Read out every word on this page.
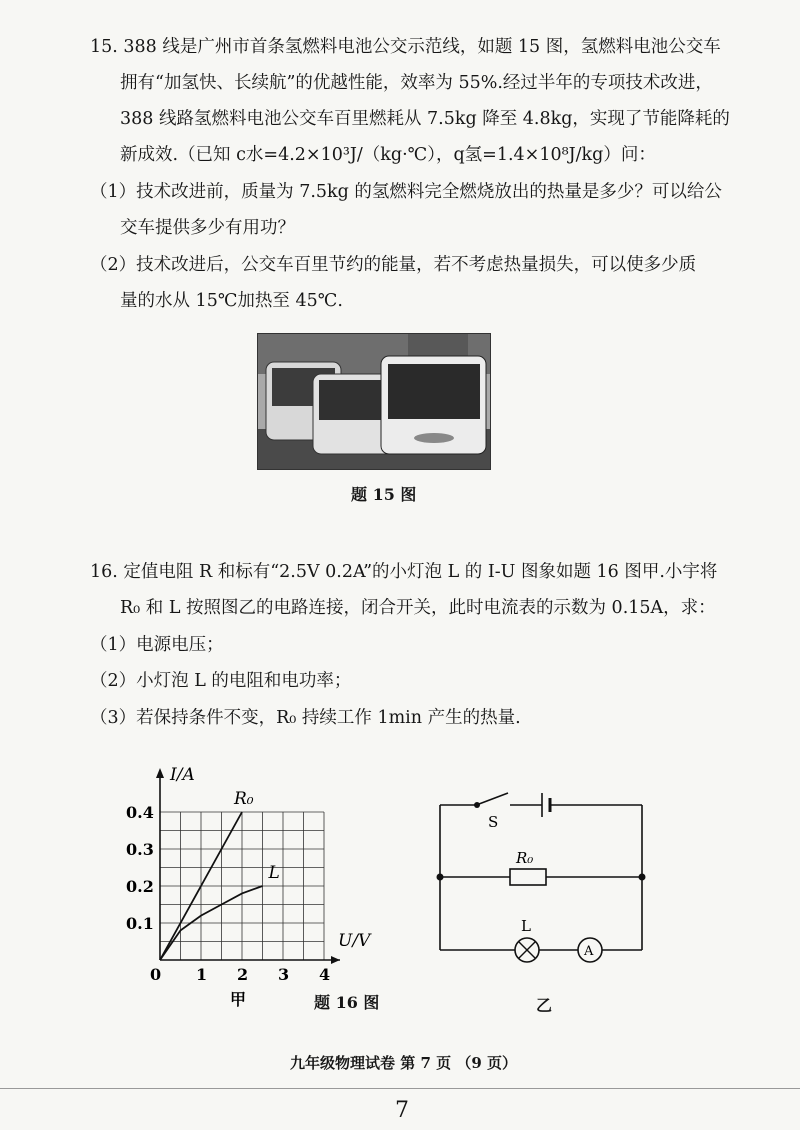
15. 388 线是广州市首条氢燃料电池公交示范线，如题 15 图，氢燃料电池公交车
拥有“加氢快、长续航”的优越性能，效率为 55%.经过半年的专项技术改进，
388 线路氢燃料电池公交车百里燃耗从 7.5kg 降至 4.8kg，实现了节能降耗的
新成效.（已知 c水=4.2×10³J/（kg·℃），q氢=1.4×10⁸J/kg）问：
（1）技术改进前，质量为 7.5kg 的氢燃料完全燃烧放出的热量是多少？可以给公
交车提供多少有用功？
（2）技术改进后，公交车百里节约的能量，若不考虑热量损失，可以使多少质
量的水从 15℃加热至 45℃.
题 15 图
16. 定值电阻 R 和标有“2.5V 0.2A”的小灯泡 L 的 I-U 图象如题 16 图甲.小宇将
R₀ 和 L 按照图乙的电路连接，闭合开关，此时电流表的示数为 0.15A，求：
（1）电源电压；
（2）小灯泡 L 的电阻和电功率；
（3）若保持条件不变，R₀ 持续工作 1min 产生的热量.
I/A
U/V
1 2 3 4
0.1
0.2
0.3
0.4
R₀
L
0
甲	题 16 图
S
R₀
L
A
乙
九年级物理试卷 第 7 页 （9 页）
7
